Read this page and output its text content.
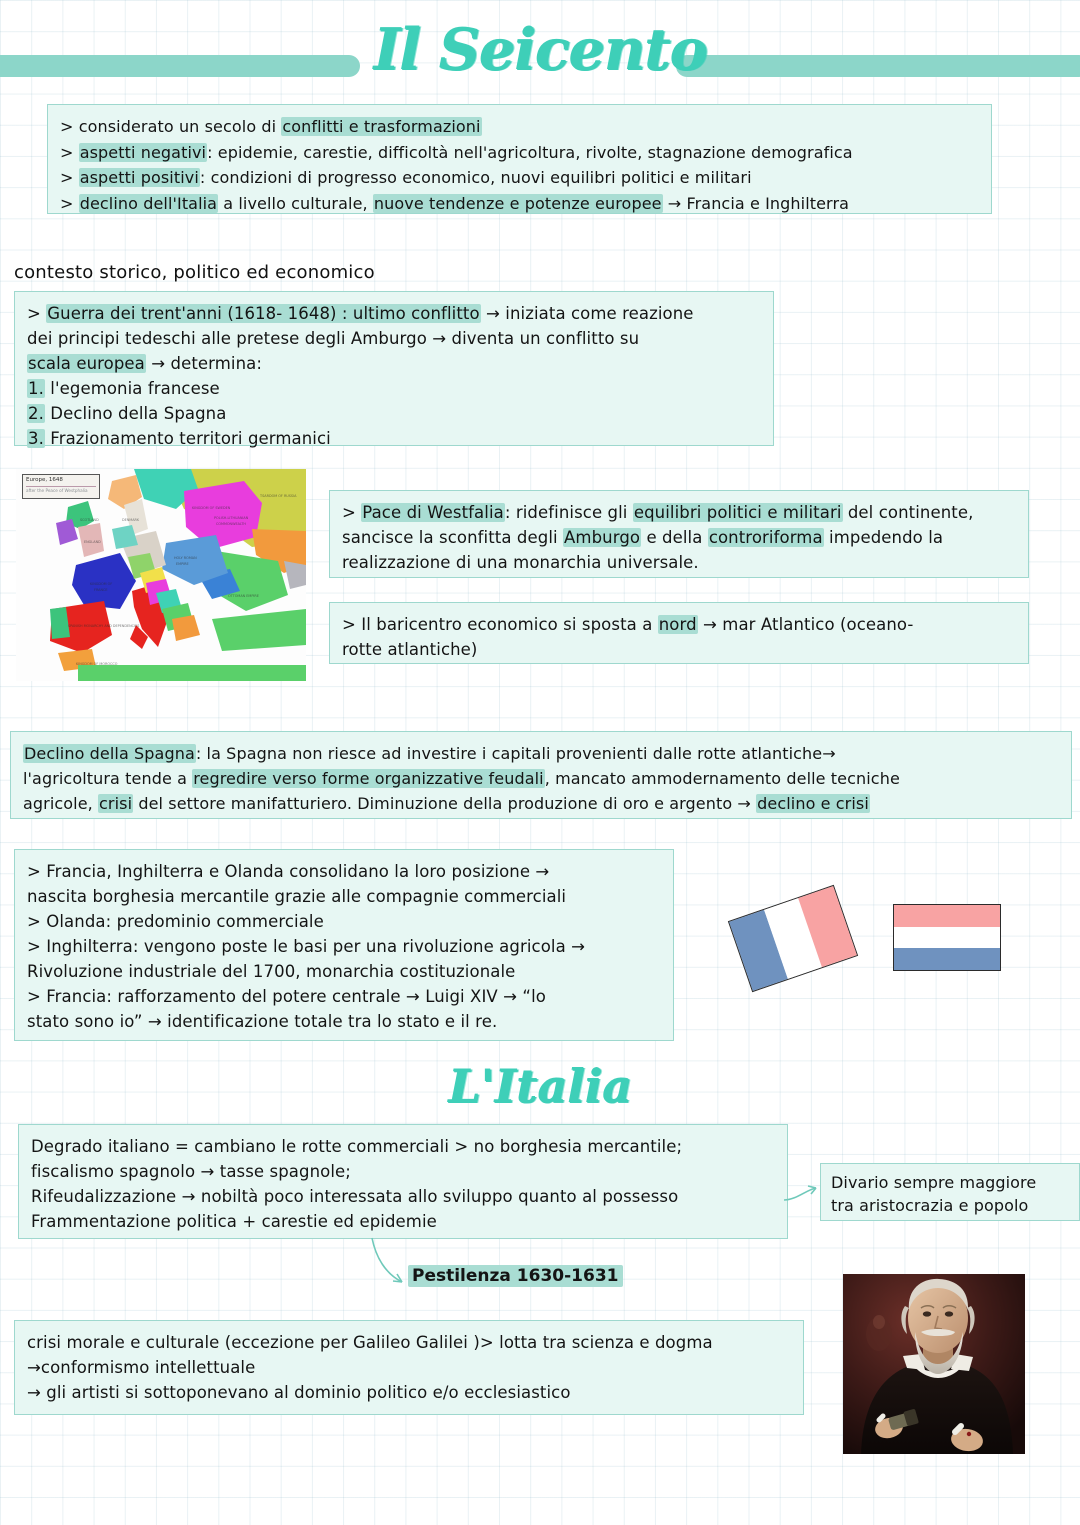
Il Seicento

> considerato un secolo di conflitti e trasformazioni

> aspetti negativi: epidemie, carestie, difficoltà nell'agricoltura, rivolte, stagnazione demografica

> aspetti positivi: condizioni di progresso economico, nuovi equilibri politici e militari

> declino dell'Italia a livello culturale, nuove tendenze e potenze europee → Francia e Inghilterra

contesto storico, politico ed economico

> Guerra dei trent'anni (1618- 1648) : ultimo conflitto → iniziata come reazione

dei principi tedeschi alle pretese degli Amburgo → diventa un conflitto su

scala europea → determina:

1. l'egemonia francese

2. Declino della Spagna

3. Frazionamento territori germanici

KINGDOM OF SWEDEN
TSARDOM OF RUSSIA
POLISH-LITHUANIAN
COMMONWEALTH
HOLY ROMAN
EMPIRE
KINGDOM OF
FRANCE
SPANISH MONARCHY AND DEPENDENCIES
SCOTLAND
ENGLAND
OTTOMAN EMPIRE
KINGDOM OF MOROCCO
DENMARK
Europe, 1648
after the Peace of Westphalia

> Pace di Westfalia: ridefinisce gli equilibri politici e militari del continente,

sancisce la sconfitta degli Amburgo e della controriforma impedendo la

realizzazione di una monarchia universale.

> Il baricentro economico si sposta a nord → mar Atlantico (oceano-

rotte atlantiche)

Declino della Spagna: la Spagna non riesce ad investire i capitali provenienti dalle rotte atlantiche→

l'agricoltura tende a regredire verso forme organizzative feudali, mancato ammodernamento delle tecniche

agricole, crisi del settore manifatturiero. Diminuzione della produzione di oro e argento → declino e crisi

> Francia, Inghilterra e Olanda consolidano la loro posizione →

nascita borghesia mercantile grazie alle compagnie commerciali

> Olanda: predominio commerciale

> Inghilterra: vengono poste le basi per una rivoluzione agricola →

Rivoluzione industriale del 1700, monarchia costituzionale

> Francia: rafforzamento del potere centrale → Luigi XIV → “lo

stato sono io” → identificazione totale tra lo stato e il re.

L'Italia

Degrado italiano = cambiano le rotte commerciali > no borghesia mercantile;

fiscalismo spagnolo → tasse spagnole;

Rifeudalizzazione → nobiltà poco interessata allo sviluppo quanto al possesso

Frammentazione politica + carestie ed epidemie

Divario sempre maggiore

tra aristocrazia e popolo

Pestilenza 1630-1631

crisi morale e culturale (eccezione per Galileo Galilei )> lotta tra scienza e dogma

→conformismo intellettuale

→ gli artisti si sottoponevano al dominio politico e/o ecclesiastico
